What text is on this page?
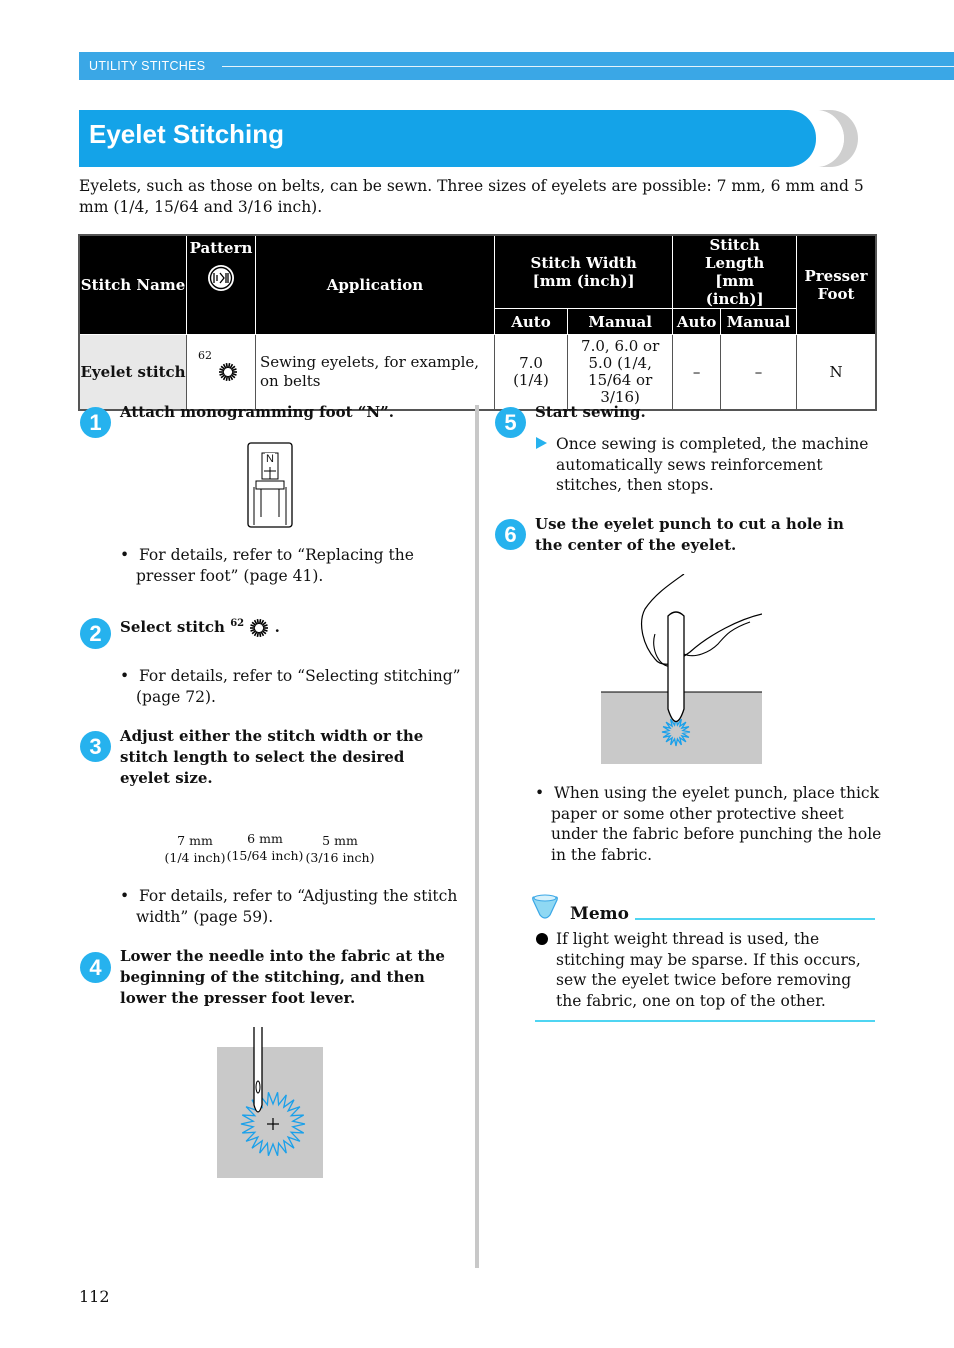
UTILITY STITCHES
Eyelet Stitching
Eyelets, such as those on belts, can be sewn. Three sizes of eyelets are possible: 7 mm, 6 mm and 5 mm (1/4, 15/64 and 3/16 inch).
Stitch Name	Pattern	Application	Stitch Width [mm (inch)]		Stitch Length [mm (inch)]		Presser Foot
			Auto	Manual	Auto	Manual	
Eyelet stitch	62	Sewing eyelets, for example, on belts	7.0 (1/4)	7.0, 6.0 or 5.0 (1/4, 15/64 or 3/16)	–	–	N
1	Attach monogramming foot “N”.
N
•  For details, refer to “Replacing the presser foot” (page 41).
2	Select stitch $^{62}$ .
•  For details, refer to “Selecting stitching” (page 72).
3	Adjust either the stitch width or the stitch length to select the desired eyelet size.
7 mm
(1/4 inch)
6 mm
(15/64 inch)
5 mm
(3/16 inch)
•  For details, refer to “Adjusting the stitch width” (page 59).
4	Lower the needle into the fabric at the beginning of the stitching, and then lower the presser foot lever.
5	Start sewing.
Once sewing is completed, the machine automatically sews reinforcement stitches, then stops.
6	Use the eyelet punch to cut a hole in the center of the eyelet.
•  When using the eyelet punch, place thick paper or some other protective sheet under the fabric before punching the hole in the fabric.
Memo
If light weight thread is used, the stitching may be sparse. If this occurs, sew the eyelet twice before removing the fabric, one on top of the other.
112
